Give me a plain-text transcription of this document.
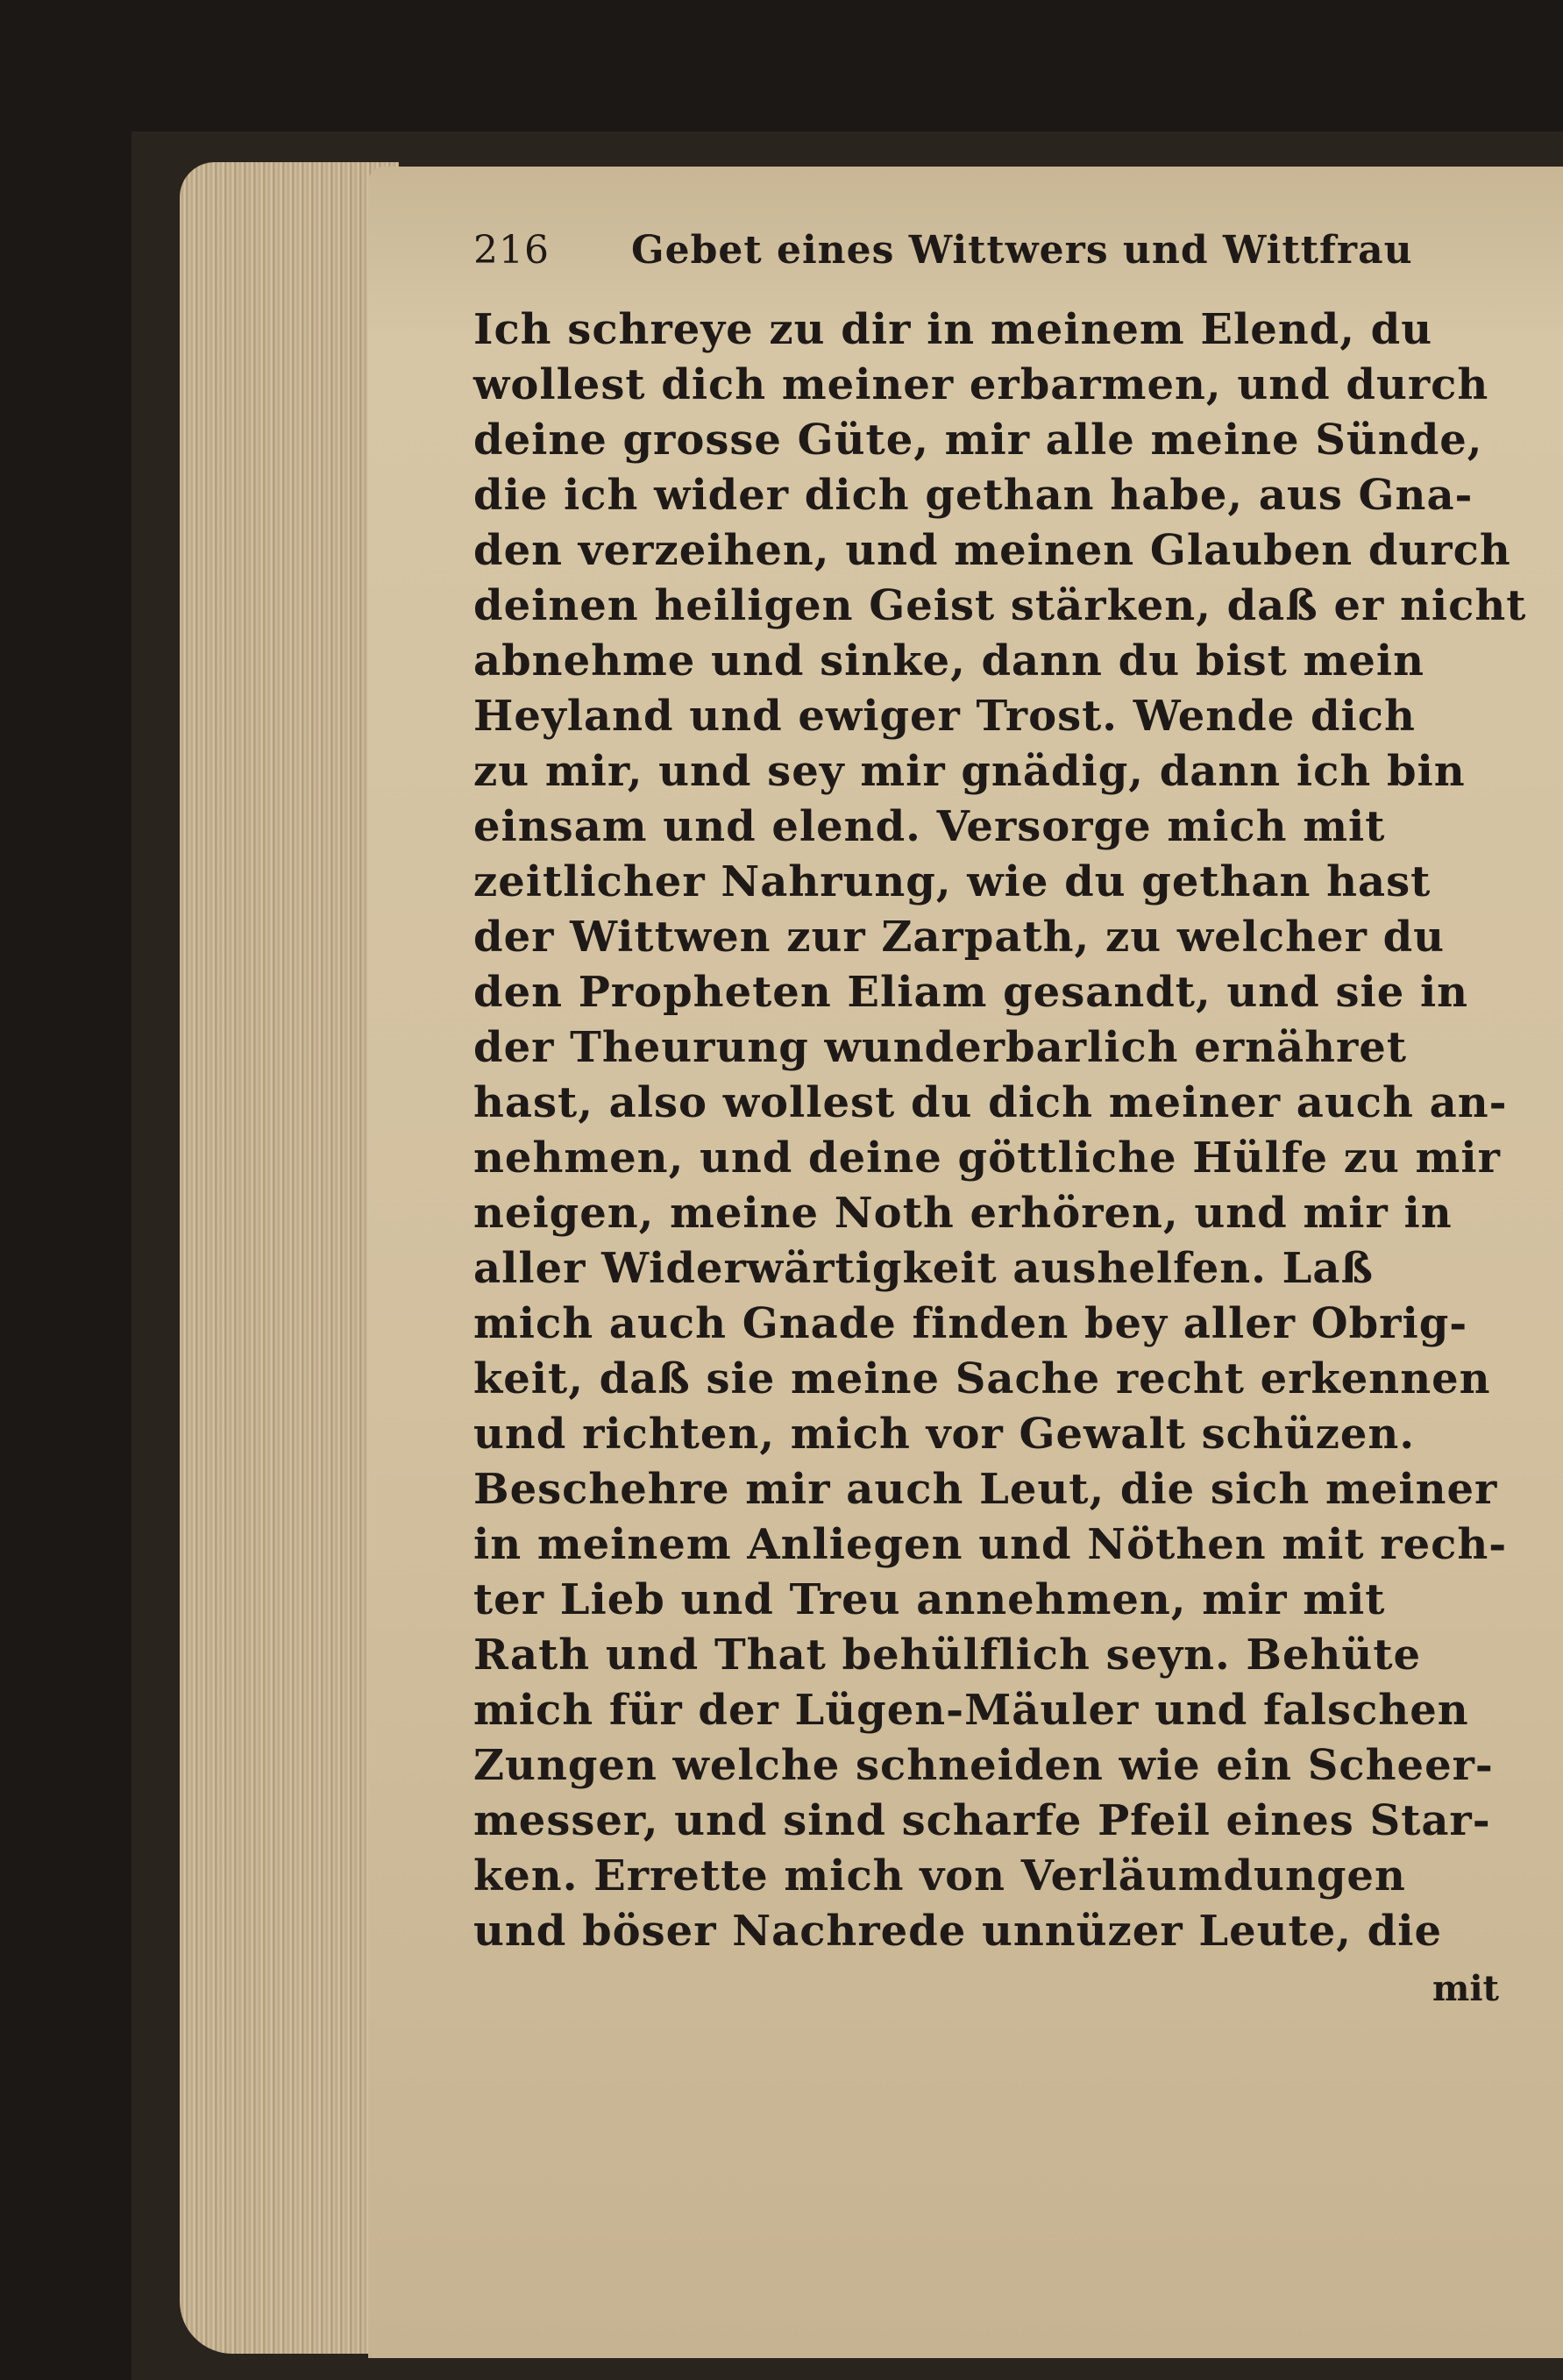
216 Gebet eines Wittwers und Wittfrau
Ich schreye zu dir in meinem Elend, du
wollest dich meiner erbarmen, und durch
deine grosse Güte, mir alle meine Sünde,
die ich wider dich gethan habe, aus Gna-
den verzeihen, und meinen Glauben durch
deinen heiligen Geist stärken, daß er nicht
abnehme und sinke, dann du bist mein
Heyland und ewiger Trost. Wende dich
zu mir, und sey mir gnädig, dann ich bin
einsam und elend. Versorge mich mit
zeitlicher Nahrung, wie du gethan hast
der Wittwen zur Zarpath, zu welcher du
den Propheten Eliam gesandt, und sie in
der Theurung wunderbarlich ernähret
hast, also wollest du dich meiner auch an-
nehmen, und deine göttliche Hülfe zu mir
neigen, meine Noth erhören, und mir in
aller Widerwärtigkeit aushelfen. Laß
mich auch Gnade finden bey aller Obrig-
keit, daß sie meine Sache recht erkennen
und richten, mich vor Gewalt schüzen.
Beschehre mir auch Leut, die sich meiner
in meinem Anliegen und Nöthen mit rech-
ter Lieb und Treu annehmen, mir mit
Rath und That behülflich seyn. Behüte
mich für der Lügen-Mäuler und falschen
Zungen welche schneiden wie ein Scheer-
messer, und sind scharfe Pfeil eines Star-
ken. Errette mich von Verläumdungen
und böser Nachrede unnüzer Leute, die
mit
